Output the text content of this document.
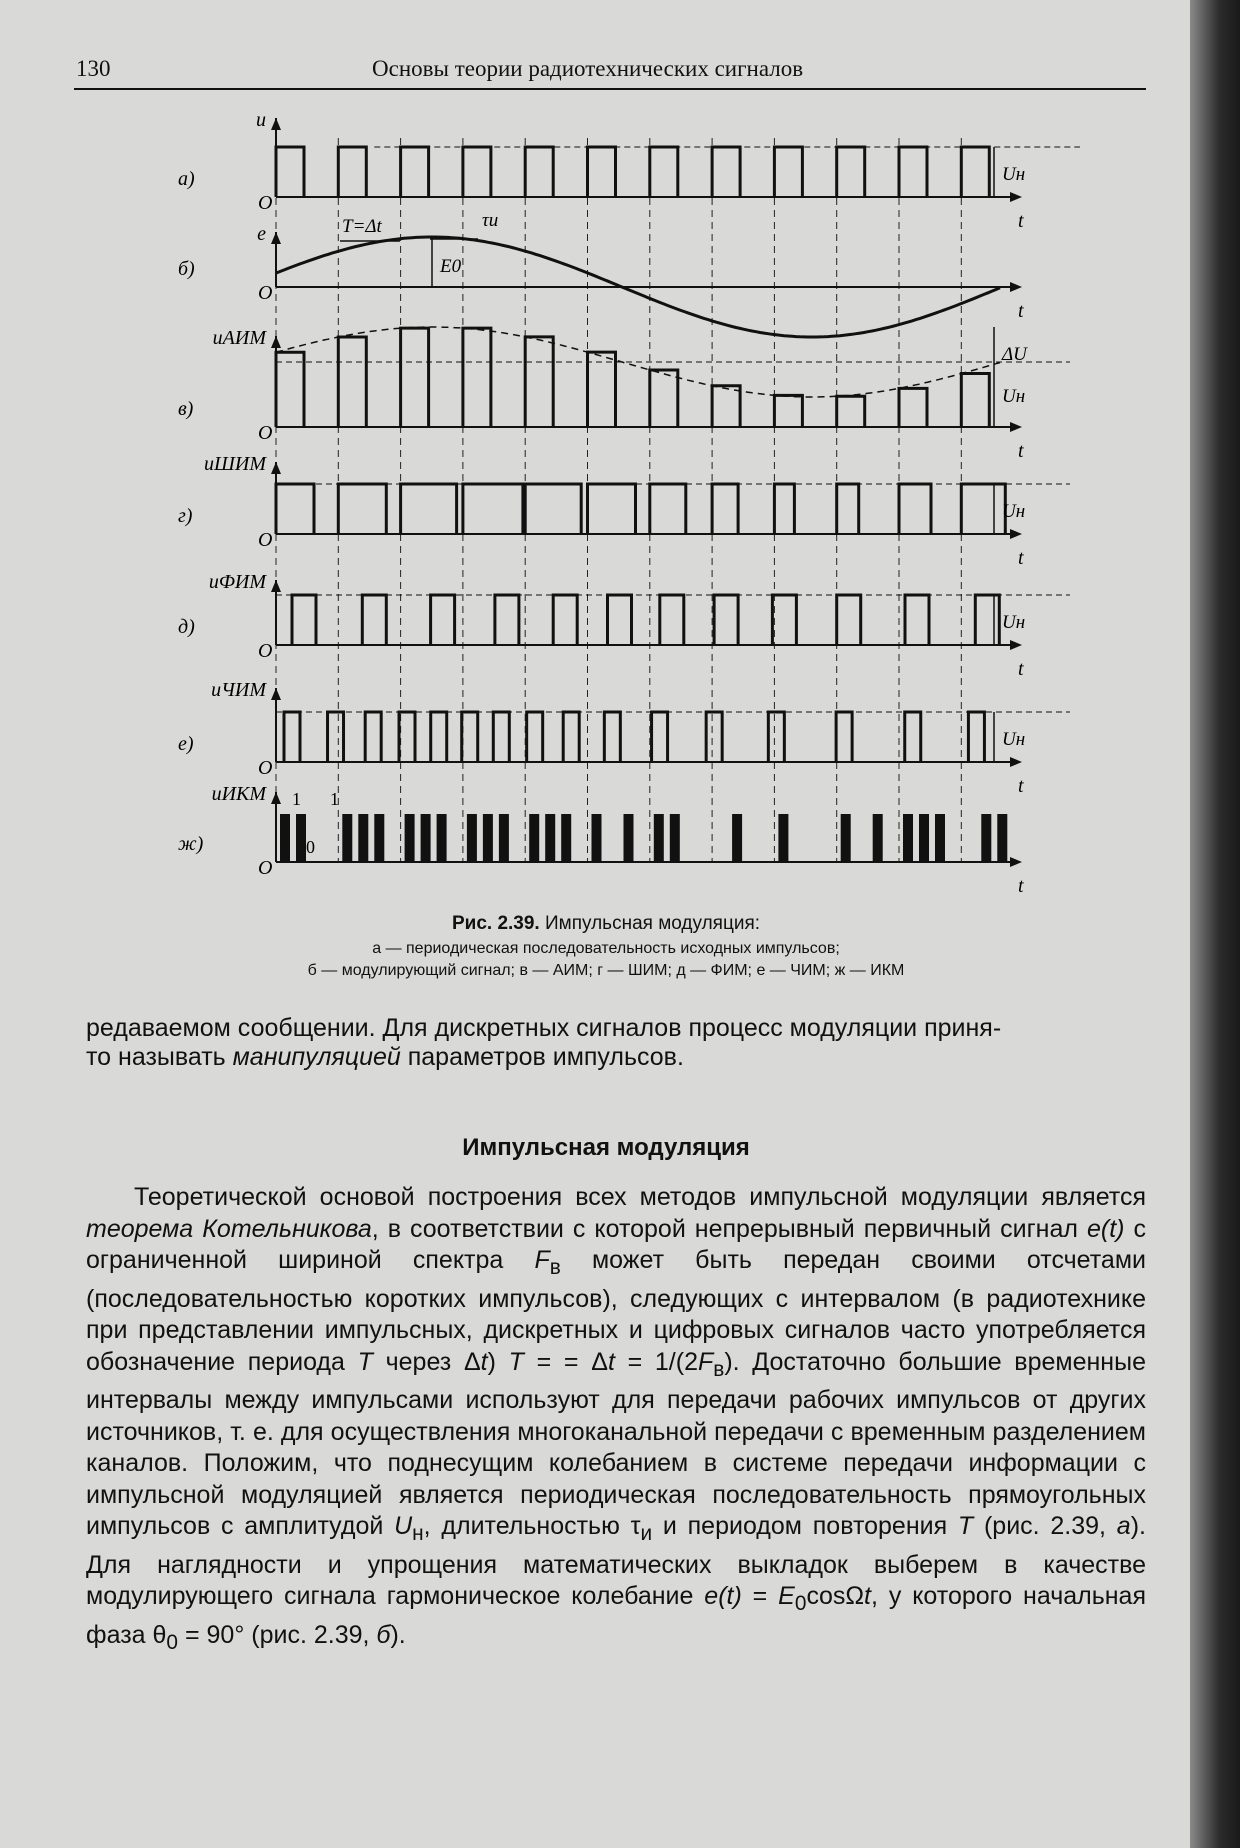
130	Основы теории радиотехнических сигналов
O
t
u
а)	Uн
O
t
e
б)
T=Δt	τи
E0
O
t
uАИМ
в)
ΔU
Uн
O
t
uШИМ
г)	Uн
O
t
uФИМ
д)	Uн
O
t
uЧИМ
е)	Uн
O
t
uИКМ
ж)
1 1
0
Рис. 2.39. Импульсная модуляция:
а — периодическая последовательность исходных импульсов;
б — модулирующий сигнал; в — АИМ; г — ШИМ; д — ФИМ; е — ЧИМ; ж — ИКМ

редаваемом сообщении. Для дискретных сигналов процесс модуляции приня-

то называть манипуляцией параметров импульсов.

Импульсная модуляция
Теоретической основой построения всех методов импульсной модуляции является теорема Котельникова, в соответствии с которой непрерывный первичный сигнал e(t) с ограниченной шириной спектра $F_в$ может быть передан своими отсчетами (последовательностью коротких импульсов), следующих с интервалом (в радиотехнике при представлении импульсных, дискретных и цифровых сигналов часто употребляется обозначение периода T через Δt) T = = $\Delta t = 1/(2F_в)$. Достаточно большие временные интервалы между импульсами используют для передачи рабочих импульсов от других источников, т. е. для осуществления многоканальной передачи с временным разделением каналов. Положим, что поднесущим колебанием в системе передачи информации с импульсной модуляцией является периодическая последовательность прямоугольных импульсов с амплитудой $U_н$, длительностью $\tau_и$ и периодом повторения T (рис. 2.39, а). Для наглядности и упрощения математических выкладок выберем в качестве модулирующего сигнала гармоническое колебание $e(t) = E_0\cos\Omega t$, у которого начальная фаза $\theta_0 = 90^\circ$ (рис. 2.39, б).
